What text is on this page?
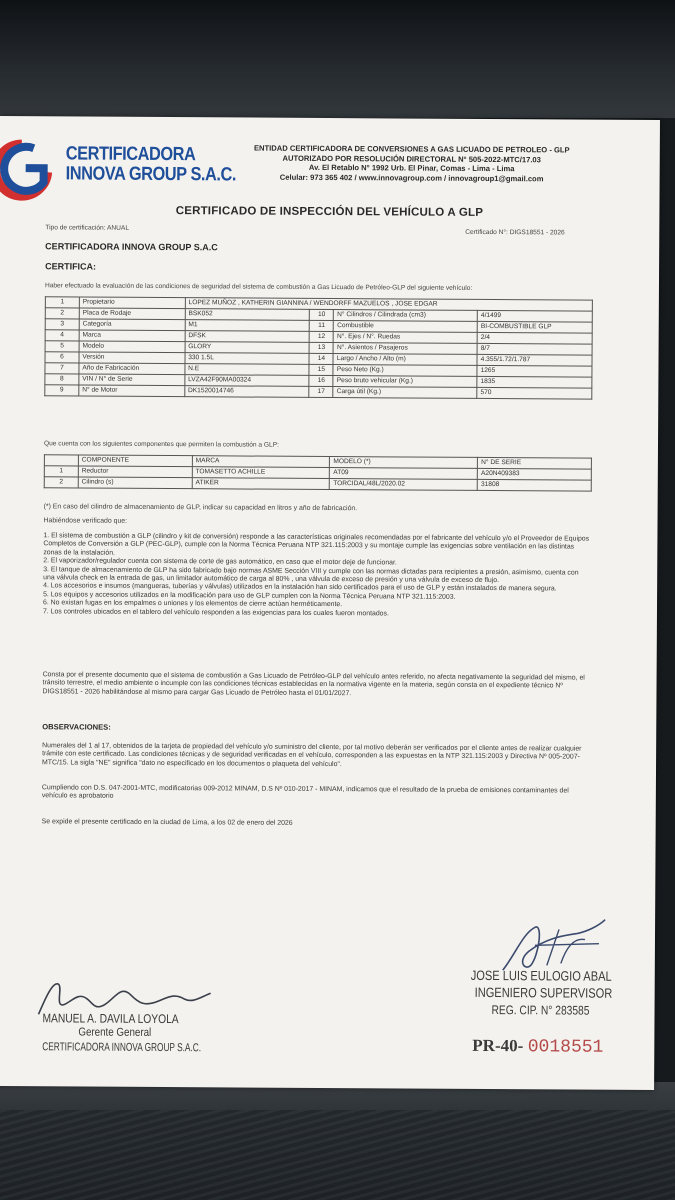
CERTIFICADORA
INNOVA GROUP S.A.C.
ENTIDAD CERTIFICADORA DE CONVERSIONES A GAS LICUADO DE PETROLEO - GLP
AUTORIZADO POR RESOLUCIÓN DIRECTORAL N° 505-2022-MTC/17.03
Av. El Retablo N° 1992 Urb. El Pinar, Comas - Lima - Lima
Celular: 973 365 402 / www.innovagroup.com / innovagroup1@gmail.com
CERTIFICADO DE INSPECCIÓN DEL VEHÍCULO A GLP
Tipo de certificación: ANUAL
Certificado N°: DIGS18551 - 2026
CERTIFICADORA INNOVA GROUP S.A.C
CERTIFICA:
Haber efectuado la evaluación de las condiciones de seguridad del sistema de combustión a Gas Licuado de Petróleo-GLP del siguiente vehículo:
1	Propietario	LOPEZ MUÑOZ , KATHERIN GIANNINA / WENDORFF MAZUELOS , JOSE EDGAR			
2	Placa de Rodaje	BSK052	10	N° Cilindros / Cilindrada (cm3)	4/1499
3	Categoría	M1	11	Combustible	BI-COMBUSTIBLE GLP
4	Marca	DFSK	12	N°. Ejes / N°. Ruedas	2/4
5	Modelo	GLORY	13	N°. Asientos / Pasajeros	8/7
6	Versión	330 1.5L	14	Largo / Ancho / Alto (m)	4.355/1.72/1.787
7	Año de Fabricación	N.E	15	Peso Neto (Kg.)	1265
8	VIN / N° de Serie	LVZA42F90MA00324	16	Peso bruto vehicular (Kg.)	1835
9	N° de Motor	DK1520014746	17	Carga útil (Kg.)	570
Que cuenta con los siguientes componentes que permiten la combustión a GLP:
	COMPONENTE	MARCA	MODELO (*)	N° DE SERIE
1	Reductor	TOMASETTO ACHILLE	AT09	A20N409383
2	Cilindro (s)	ATIKER	TORCIDAL/48L/2020.02	31808
(*) En caso del cilindro de almacenamiento de GLP, indicar su capacidad en litros y año de fabricación.
Habiéndose verificado que:
1. El sistema de combustión a GLP (cilindro y kit de conversión) responde a las características originales recomendadas por el fabricante del vehículo y/o el Proveedor de Equipos Completos de Conversión a GLP (PEC-GLP), cumple con la Norma Técnica Peruana NTP 321.115:2003 y su montaje cumple las exigencias sobre ventilación en las distintas zonas de la instalación.
2. El vaporizador/regulador cuenta con sistema de corte de gas automático, en caso que el motor deje de funcionar.
3. El tanque de almacenamiento de GLP ha sido fabricado bajo normas ASME Sección VIII y cumple con las normas dictadas para recipientes a presión, asimismo, cuenta con una válvula check en la entrada de gas, un limitador automático de carga al 80% , una válvula de exceso de presión y una válvula de exceso de flujo.
4. Los accesorios e insumos (mangueras, tuberías y válvulas) utilizados en la instalación han sido certificados para el uso de GLP y están instalados de manera segura.
5. Los equipos y accesorios utilizados en la modificación para uso de GLP cumplen con la Norma Técnica Peruana NTP 321.115:2003.
6. No existan fugas en los empalmes o uniones y los elementos de cierre actúan herméticamente.
7. Los controles ubicados en el tablero del vehículo responden a las exigencias para los cuales fueron montados.
Consta por el presente documento que el sistema de combustión a Gas Licuado de Petróleo-GLP del vehículo antes referido, no afecta negativamente la seguridad del mismo, el tránsito terrestre, el medio ambiente o incumple con las condiciones técnicas establecidas en la normativa vigente en la materia, según consta en el expediente técnico Nº DIGS18551 - 2026 habilitándose al mismo para cargar Gas Licuado de Petróleo hasta el 01/01/2027.
OBSERVACIONES:
Numerales del 1 al 17, obtenidos de la tarjeta de propiedad del vehículo y/o suministro del cliente, por tal motivo deberán ser verificados por el cliente antes de realizar cualquier trámite con este certificado. Las condiciones técnicas y de seguridad verificadas en el vehículo, corresponden a las expuestas en la NTP 321.115:2003 y Directiva Nº 005-2007-MTC/15. La sigla "NE" significa "dato no especificado en los documentos o plaqueta del vehículo".
Cumpliendo con D.S. 047-2001-MTC, modificatorias 009-2012 MINAM, D.S Nº 010-2017 - MINAM, indicamos que el resultado de la prueba de emisiones contaminantes del vehículo es aprobatorio
Se expide el presente certificado en la ciudad de Lima, a los 02 de enero del 2026
JOSE LUIS EULOGIO ABAL
INGENIERO SUPERVISOR
REG. CIP. N° 283585
MANUEL A. DAVILA LOYOLA
Gerente General
CERTIFICADORA INNOVA GROUP S.A.C.	PR-40- 0018551
